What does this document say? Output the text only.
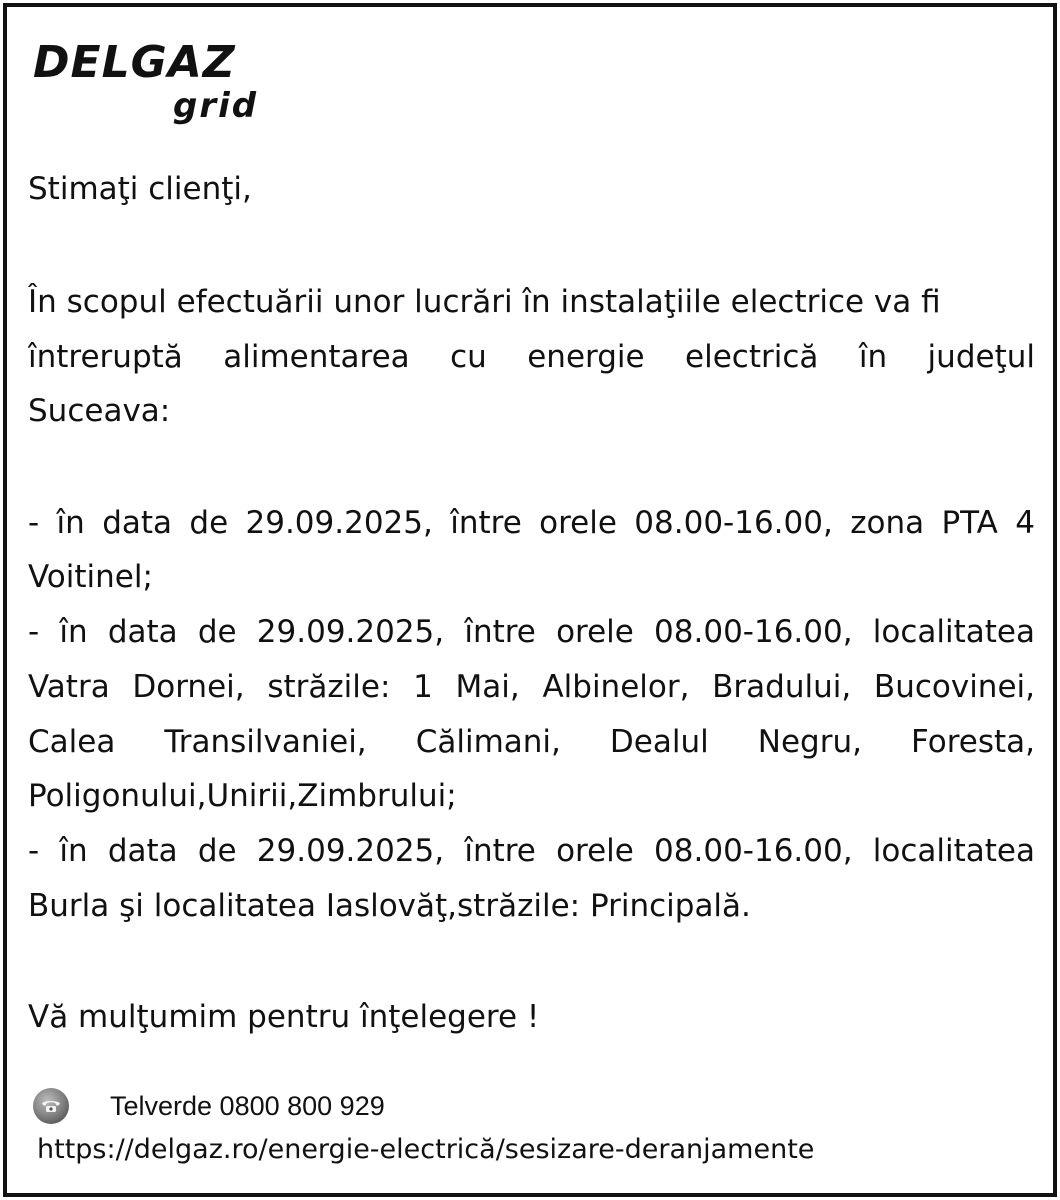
DELGAZ
grid
Stimaţi clienţi,
În scopul efectuării unor lucrări în instalaţiile electrice va fi
întreruptă alimentarea cu energie electrică în judeţul
Suceava:
- în data de 29.09.2025, între orele 08.00-16.00, zona PTA 4
Voitinel;
- în data de 29.09.2025, între orele 08.00-16.00, localitatea
Vatra Dornei, străzile: 1 Mai, Albinelor, Bradului, Bucovinei,
Calea Transilvaniei, Călimani, Dealul Negru, Foresta,
Poligonului,Unirii,Zimbrului;
- în data de 29.09.2025, între orele 08.00-16.00, localitatea
Burla şi localitatea Iaslovăţ,străzile: Principală.
Vă mulţumim pentru înţelegere !
Telverde 0800 800 929
https://delgaz.ro/energie-electrică/sesizare-deranjamente
